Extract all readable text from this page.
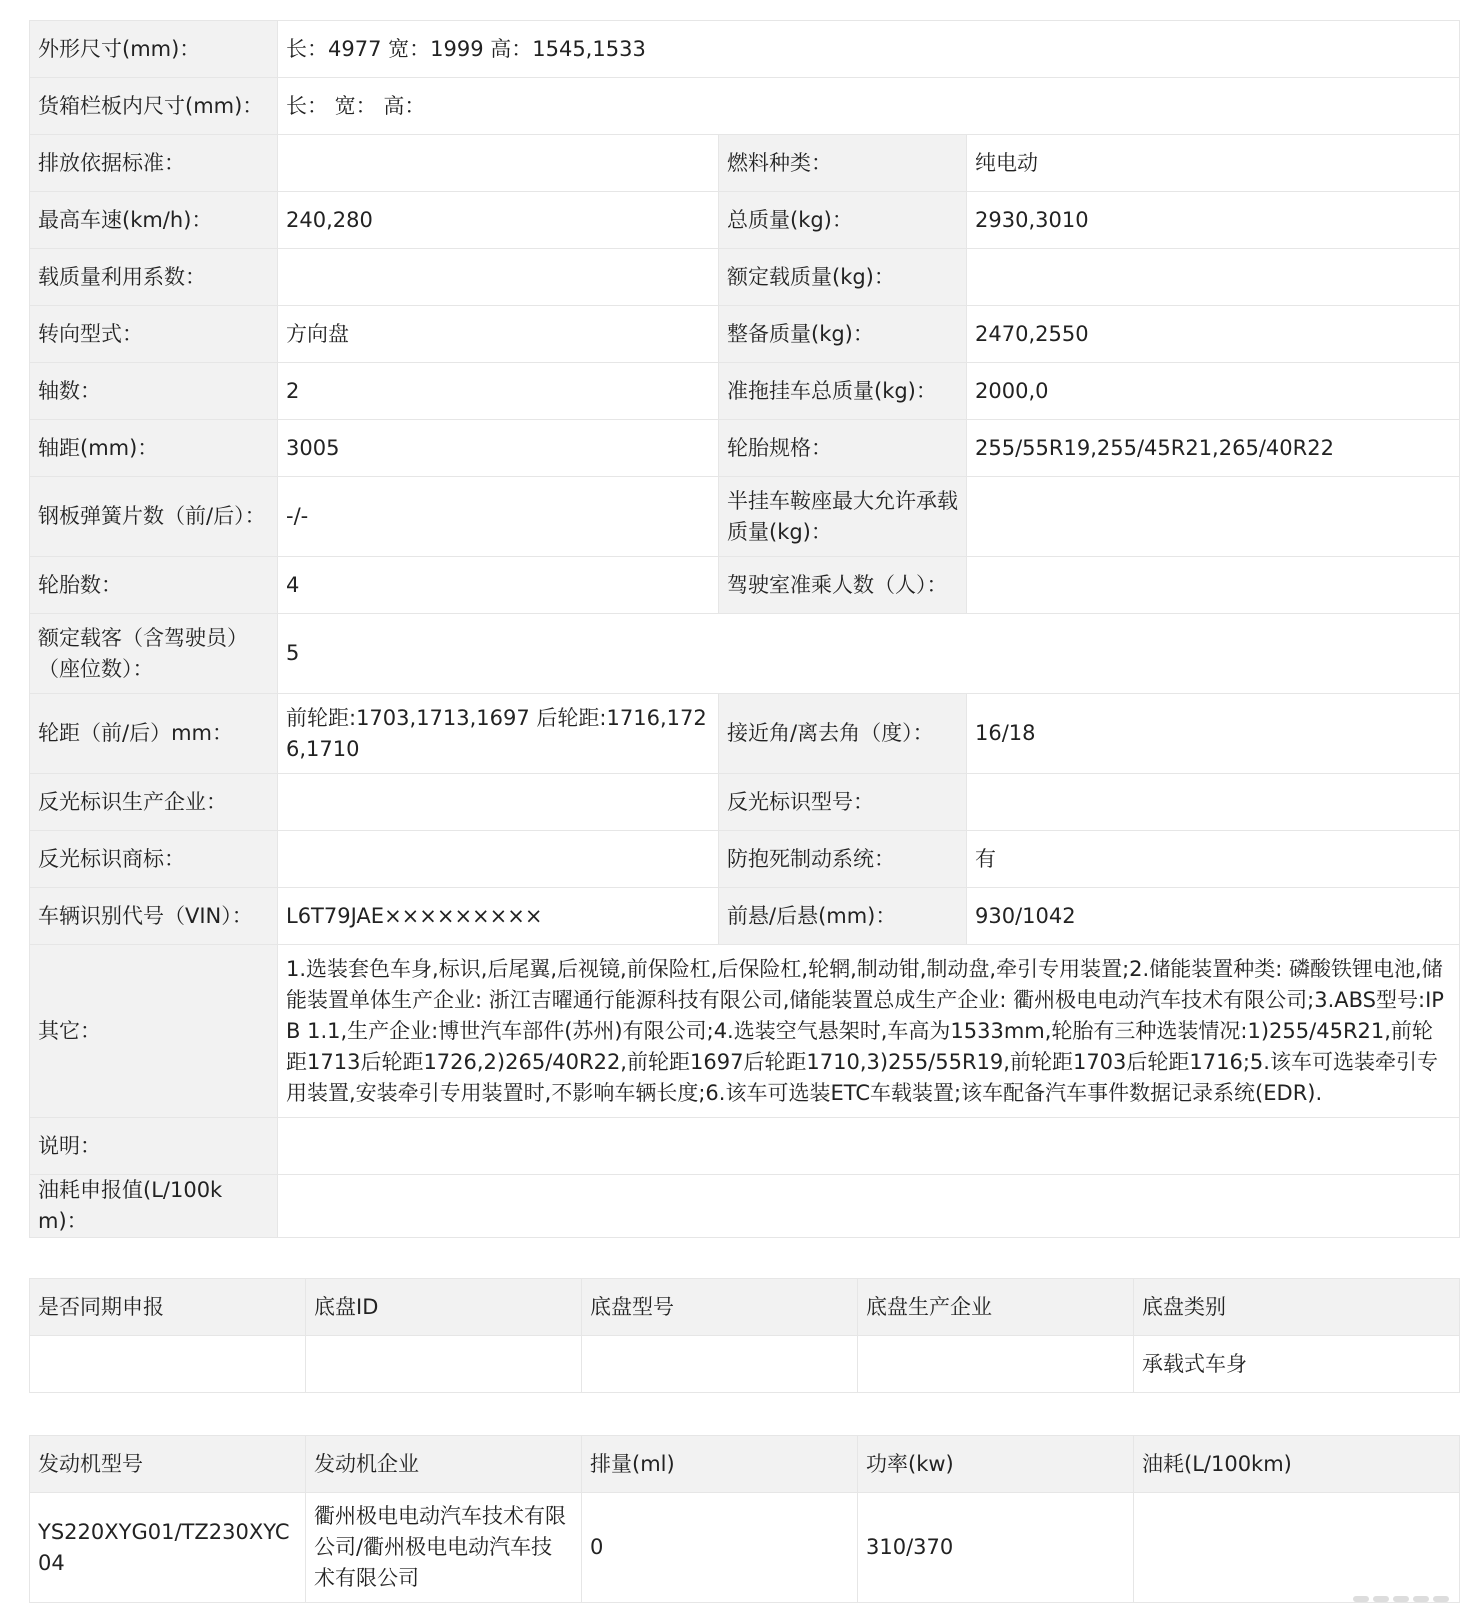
外形尺寸(mm)：	长：4977 宽：1999 高：1545,1533		
货箱栏板内尺寸(mm)：	长： 宽： 高：		
排放依据标准：		燃料种类：	纯电动
最高车速(km/h)：	240,280	总质量(kg)：	2930,3010
载质量利用系数：		额定载质量(kg)：	
转向型式：	方向盘	整备质量(kg)：	2470,2550
轴数：	2	准拖挂车总质量(kg)：	2000,0
轴距(mm)：	3005	轮胎规格：	255/55R19,255/45R21,265/40R22
钢板弹簧片数（前/后）：	-/-	半挂车鞍座最大允许承载质量(kg)：	
轮胎数：	4	驾驶室准乘人数（人）：	
额定载客（含驾驶员）（座位数）：	5		
轮距（前/后）mm：	前轮距:1703,1713,1697 后轮距:1716,1726,1710	接近角/离去角（度）：	16/18
反光标识生产企业：		反光标识型号：	
反光标识商标：		防抱死制动系统：	有
车辆识别代号（VIN）：	L6T79JAE×××××××××	前悬/后悬(mm)：	930/1042
其它：	1.选装套色车身,标识,后尾翼,后视镜,前保险杠,后保险杠,轮辋,制动钳,制动盘,牵引专用装置;2.储能装置种类: 磷酸铁锂电池,储能装置单体生产企业: 浙江吉曜通行能源科技有限公司,储能装置总成生产企业: 衢州极电电动汽车技术有限公司;3.ABS型号:IPB 1.1,生产企业:博世汽车部件(苏州)有限公司;4.选装空气悬架时,车高为1533mm,轮胎有三种选装情况:1)255/45R21,前轮距1713后轮距1726,2)265/40R22,前轮距1697后轮距1710,3)255/55R19,前轮距1703后轮距1716;5.该车可选装牵引专用装置,安装牵引专用装置时,不影响车辆长度;6.该车可选装ETC车载装置;该车配备汽车事件数据记录系统(EDR).		
说明：			
油耗申报值(L/100km)：			
是否同期申报	底盘ID	底盘型号	底盘生产企业	底盘类别
				承载式车身
发动机型号	发动机企业	排量(ml)	功率(kw)	油耗(L/100km)
YS220XYG01/TZ230XYC04	衢州极电电动汽车技术有限公司/衢州极电电动汽车技术有限公司	0	310/370	
